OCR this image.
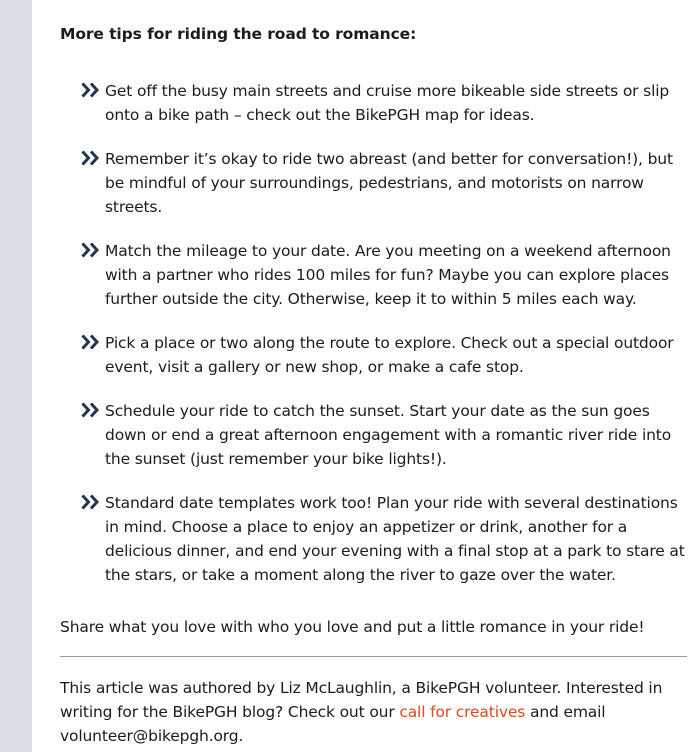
More tips for riding the road to romance:

Get off the busy main streets and cruise more bikeable side streets or slip onto a bike path – check out the BikePGH map for ideas.
Remember it’s okay to ride two abreast (and better for conversation!), but be mindful of your surroundings, pedestrians, and motorists on narrow streets.
Match the mileage to your date. Are you meeting on a weekend afternoon with a partner who rides 100 miles for fun? Maybe you can explore places further outside the city. Otherwise, keep it to within 5 miles each way.
Pick a place or two along the route to explore. Check out a special outdoor event, visit a gallery or new shop, or make a cafe stop.
Schedule your ride to catch the sunset. Start your date as the sun goes down or end a great afternoon engagement with a romantic river ride into the sunset (just remember your bike lights!).
Standard date templates work too! Plan your ride with several destinations in mind. Choose a place to enjoy an appetizer or drink, another for a delicious dinner, and end your evening with a final stop at a park to stare at the stars, or take a moment along the river to gaze over the water.

Share what you love with who you love and put a little romance in your ride!

This article was authored by Liz McLaughlin, a BikePGH volunteer. Interested in writing for the BikePGH blog? Check out our call for creatives and email volunteer@bikepgh.org.
